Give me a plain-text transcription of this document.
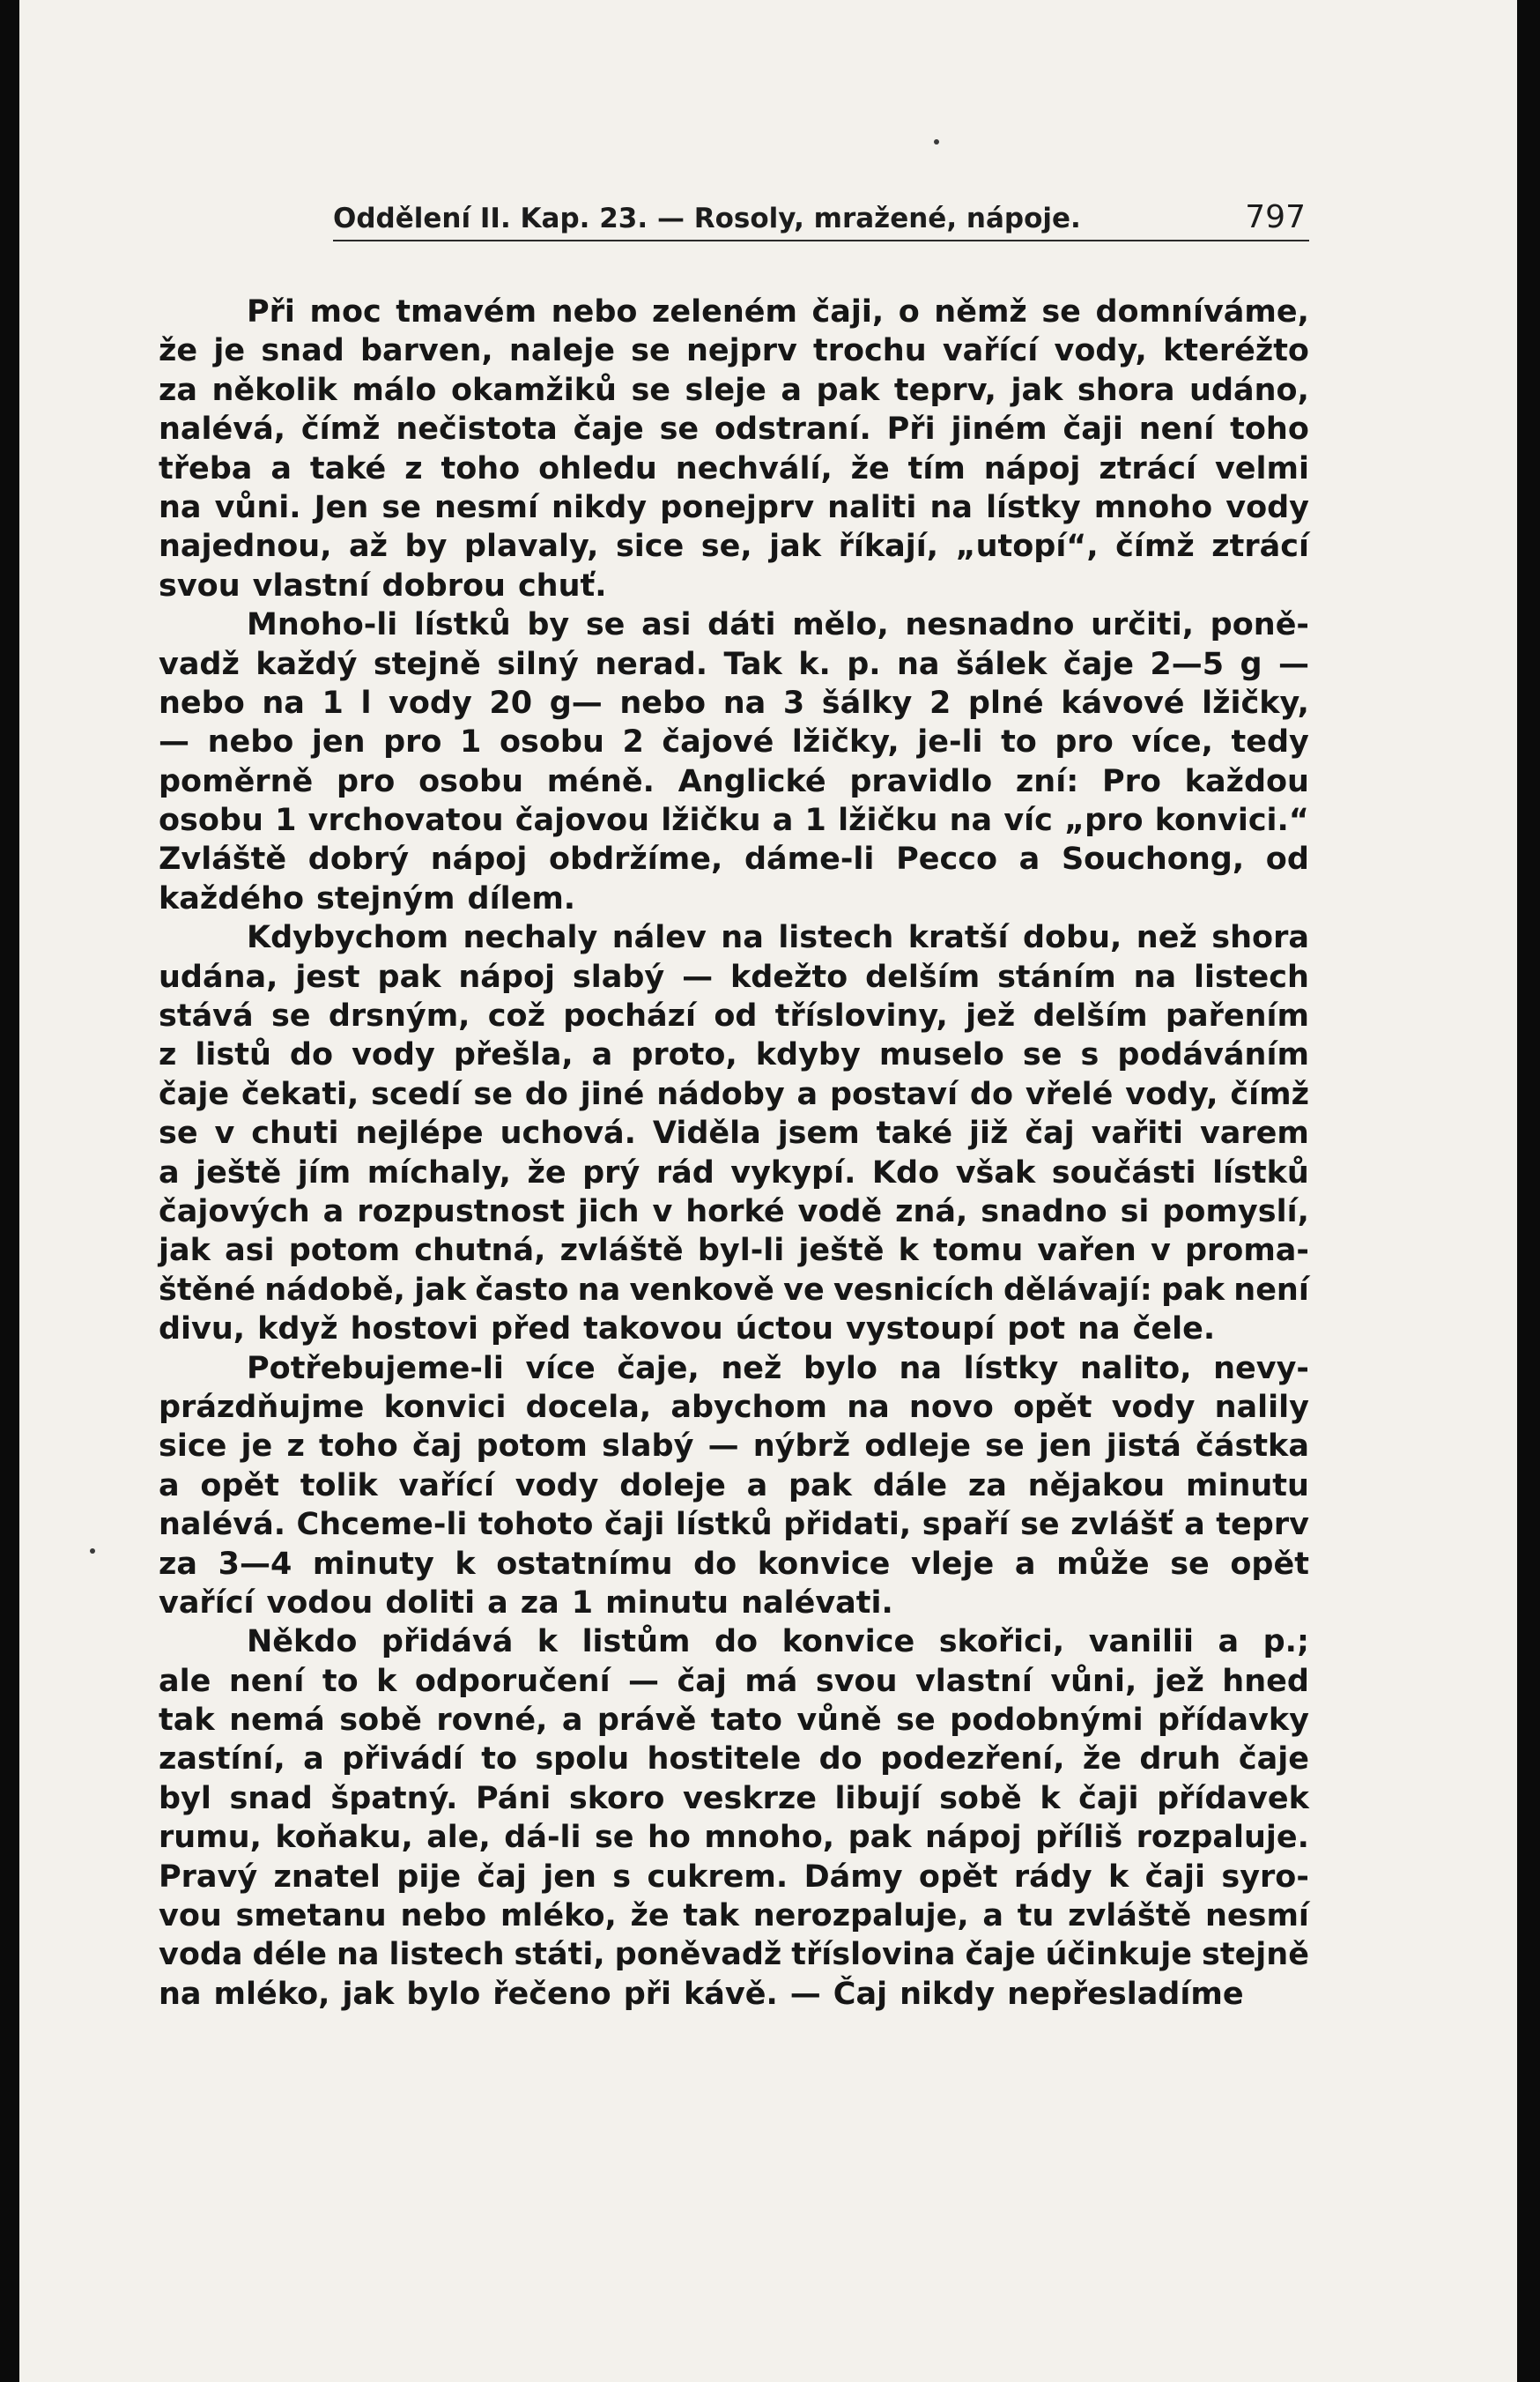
Oddělení II. Kap. 23. — Rosoly, mražené, nápoje.	797
Při moc tmavém nebo zeleném čaji, o němž se domníváme,
že je snad barven, naleje se nejprv trochu vařící vody, kteréžto
za několik málo okamžiků se sleje a pak teprv, jak shora udáno,
nalévá, čímž nečistota čaje se odstraní. Při jiném čaji není toho
třeba a také z toho ohledu nechválí, že tím nápoj ztrácí velmi
na vůni. Jen se nesmí nikdy ponejprv naliti na lístky mnoho vody
najednou, až by plavaly, sice se, jak říkají, „utopí“, čímž ztrácí
svou vlastní dobrou chuť.
Mnoho-li lístků by se asi dáti mělo, nesnadno určiti, poně-
vadž každý stejně silný nerad. Tak k. p. na šálek čaje 2—5 g —
nebo na 1 l vody 20 g— nebo na 3 šálky 2 plné kávové lžičky,
— nebo jen pro 1 osobu 2 čajové lžičky, je-li to pro více, tedy
poměrně pro osobu méně. Anglické pravidlo zní: Pro každou
osobu 1 vrchovatou čajovou lžičku a 1 lžičku na víc „pro konvici.“
Zvláště dobrý nápoj obdržíme, dáme-li Pecco a Souchong, od
každého stejným dílem.
Kdybychom nechaly nálev na listech kratší dobu, než shora
udána, jest pak nápoj slabý — kdežto delším stáním na listech
stává se drsným, což pochází od třísloviny, jež delším pařením
z listů do vody přešla, a proto, kdyby muselo se s podáváním
čaje čekati, scedí se do jiné nádoby a postaví do vřelé vody, čímž
se v chuti nejlépe uchová. Viděla jsem také již čaj vařiti varem
a ještě jím míchaly, že prý rád vykypí. Kdo však součásti lístků
čajových a rozpustnost jich v horké vodě zná, snadno si pomyslí,
jak asi potom chutná, zvláště byl-li ještě k tomu vařen v proma-
štěné nádobě, jak často na venkově ve vesnicích dělávají: pak není
divu, když hostovi před takovou úctou vystoupí pot na čele.
Potřebujeme-li více čaje, než bylo na lístky nalito, nevy-
prázdňujme konvici docela, abychom na novo opět vody nalily
sice je z toho čaj potom slabý — nýbrž odleje se jen jistá částka
a opět tolik vařící vody doleje a pak dále za nějakou minutu
nalévá. Chceme-li tohoto čaji lístků přidati, spaří se zvlášť a teprv
za 3—4 minuty k ostatnímu do konvice vleje a může se opět
vařící vodou doliti a za 1 minutu nalévati.
Někdo přidává k listům do konvice skořici, vanilii a p.;
ale není to k odporučení — čaj má svou vlastní vůni, jež hned
tak nemá sobě rovné, a právě tato vůně se podobnými přídavky
zastíní, a přivádí to spolu hostitele do podezření, že druh čaje
byl snad špatný. Páni skoro veskrze libují sobě k čaji přídavek
rumu, koňaku, ale, dá-li se ho mnoho, pak nápoj příliš rozpaluje.
Pravý znatel pije čaj jen s cukrem. Dámy opět rády k čaji syro-
vou smetanu nebo mléko, že tak nerozpaluje, a tu zvláště nesmí
voda déle na listech státi, poněvadž tříslovina čaje účinkuje stejně
na mléko, jak bylo řečeno při kávě. — Čaj nikdy nepřesladíme
